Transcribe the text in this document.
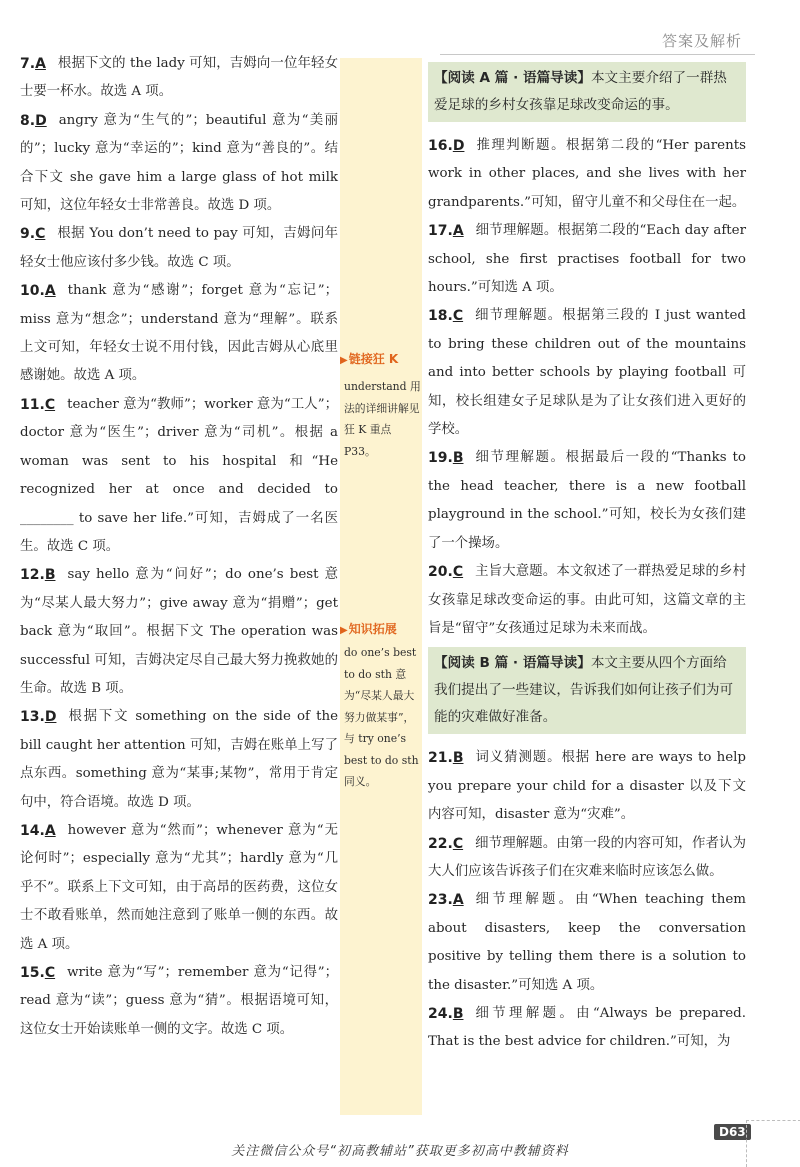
答案及解析
▶链接狂 K
understand 用法的详细讲解见狂 K 重点 P33。
▶知识拓展
do one’s best to do sth 意为“尽某人最大努力做某事”，与 try one’s best to do sth 同义。
7.A 根据下文的 the lady 可知，吉姆向一位年轻女士要一杯水。故选 A 项。
8.D angry 意为“生气的”；beautiful 意为“美丽的”；lucky 意为“幸运的”；kind 意为“善良的”。结合下文 she gave him a large glass of hot milk 可知，这位年轻女士非常善良。故选 D 项。
9.C 根据 You don’t need to pay 可知，吉姆问年轻女士他应该付多少钱。故选 C 项。
10.A thank 意为“感谢”；forget 意为“忘记”；miss 意为“想念”；understand 意为“理解”。联系上文可知，年轻女士说不用付钱，因此吉姆从心底里感谢她。故选 A 项。
11.C teacher 意为“教师”；worker 意为“工人”；doctor 意为“医生”；driver 意为“司机”。根据 a woman was sent to his hospital 和“He recognized her at once and decided to ________ to save her life.”可知，吉姆成了一名医生。故选 C 项。
12.B say hello 意为“问好”；do one’s best 意为“尽某人最大努力”；give away 意为“捐赠”；get back 意为“取回”。根据下文 The operation was successful 可知，吉姆决定尽自己最大努力挽救她的生命。故选 B 项。
13.D 根据下文 something on the side of the bill caught her attention 可知，吉姆在账单上写了点东西。something 意为“某事;某物”，常用于肯定句中，符合语境。故选 D 项。
14.A however 意为“然而”；whenever 意为“无论何时”；especially 意为“尤其”；hardly 意为“几乎不”。联系上下文可知，由于高昂的医药费，这位女士不敢看账单，然而她注意到了账单一侧的东西。故选 A 项。
15.C write 意为“写”；remember 意为“记得”；read 意为“读”；guess 意为“猜”。根据语境可知，这位女士开始读账单一侧的文字。故选 C 项。
【阅读 A 篇 · 语篇导读】本文主要介绍了一群热爱足球的乡村女孩靠足球改变命运的事。
16.D 推理判断题。根据第二段的“Her parents work in other places, and she lives with her grandparents.”可知，留守儿童不和父母住在一起。
17.A 细节理解题。根据第二段的“Each day after school, she first practises football for two hours.”可知选 A 项。
18.C 细节理解题。根据第三段的 I just wanted to bring these children out of the mountains and into better schools by playing football 可知，校长组建女子足球队是为了让女孩们进入更好的学校。
19.B 细节理解题。根据最后一段的“Thanks to the head teacher, there is a new football playground in the school.”可知，校长为女孩们建了一个操场。
20.C 主旨大意题。本文叙述了一群热爱足球的乡村女孩靠足球改变命运的事。由此可知，这篇文章的主旨是“留守”女孩通过足球为未来而战。
【阅读 B 篇 · 语篇导读】本文主要从四个方面给我们提出了一些建议，告诉我们如何让孩子们为可能的灾难做好准备。
21.B 词义猜测题。根据 here are ways to help you prepare your child for a disaster 以及下文内容可知，disaster 意为“灾难”。
22.C 细节理解题。由第一段的内容可知，作者认为大人们应该告诉孩子们在灾难来临时应该怎么做。
23.A 细节理解题。由“When teaching them about disasters, keep the conversation positive by telling them there is a solution to the disaster.”可知选 A 项。
24.B 细节理解题。由“Always be prepared. That is the best advice for children.”可知，为
D63
关注微信公众号“初高教辅站”获取更多初高中教辅资料
